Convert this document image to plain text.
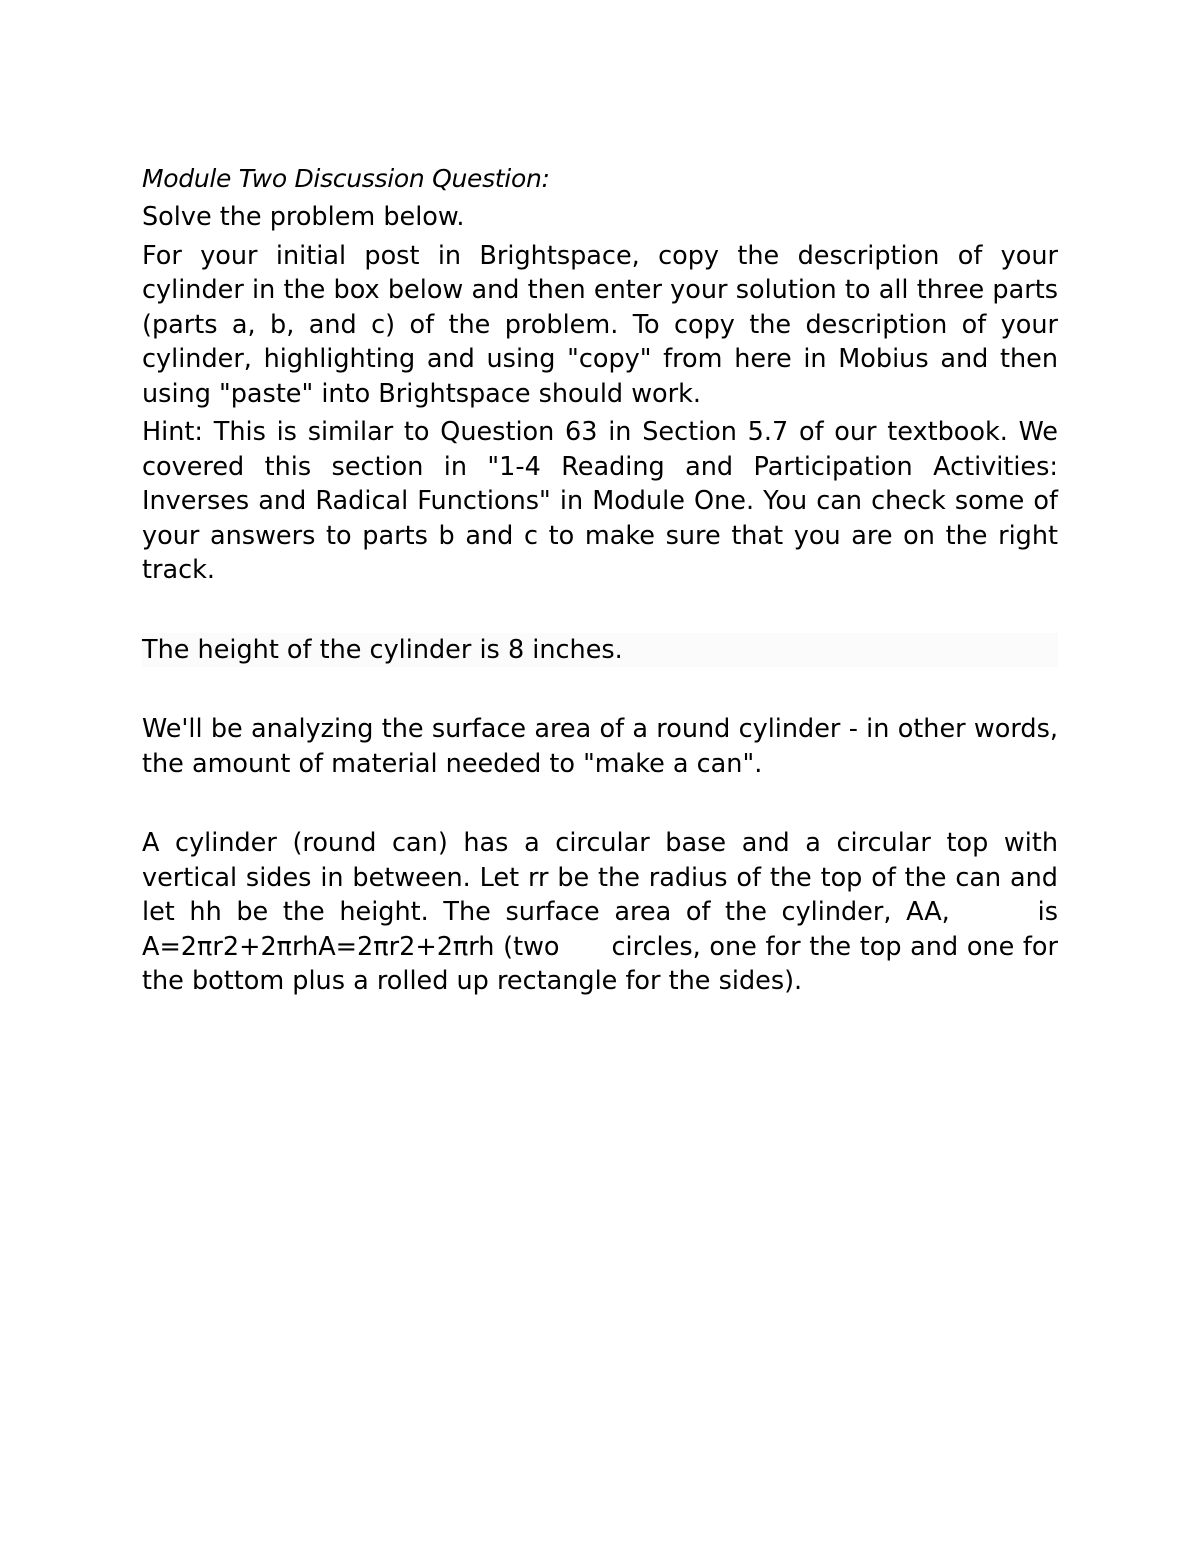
Module Two Discussion Question:

Solve the problem below.

For your initial post in Brightspace, copy the description of your cylinder in the box below and then enter your solution to all three parts (parts a, b, and c) of the problem. To copy the description of your cylinder, highlighting and using "copy" from here in Mobius and then using "paste" into Brightspace should work.

Hint: This is similar to Question 63 in Section 5.7 of our textbook. We covered this section in "1-4 Reading and Participation Activities: Inverses and Radical Functions" in Module One. You can check some of your answers to parts b and c to make sure that you are on the right track.

The height of the cylinder is 8 inches.

We'll be analyzing the surface area of a round cylinder - in other words, the amount of material needed to "make a can".

A cylinder (round can) has a circular base and a circular top with vertical sides in between. Let rr be the radius of the top of the can and let hh be the height. The surface area of the cylinder, AA,      is A=2πr2+2πrhA=2πr2+2πrh (two      circles, one for the top and one for the bottom plus a rolled up rectangle for the sides).
